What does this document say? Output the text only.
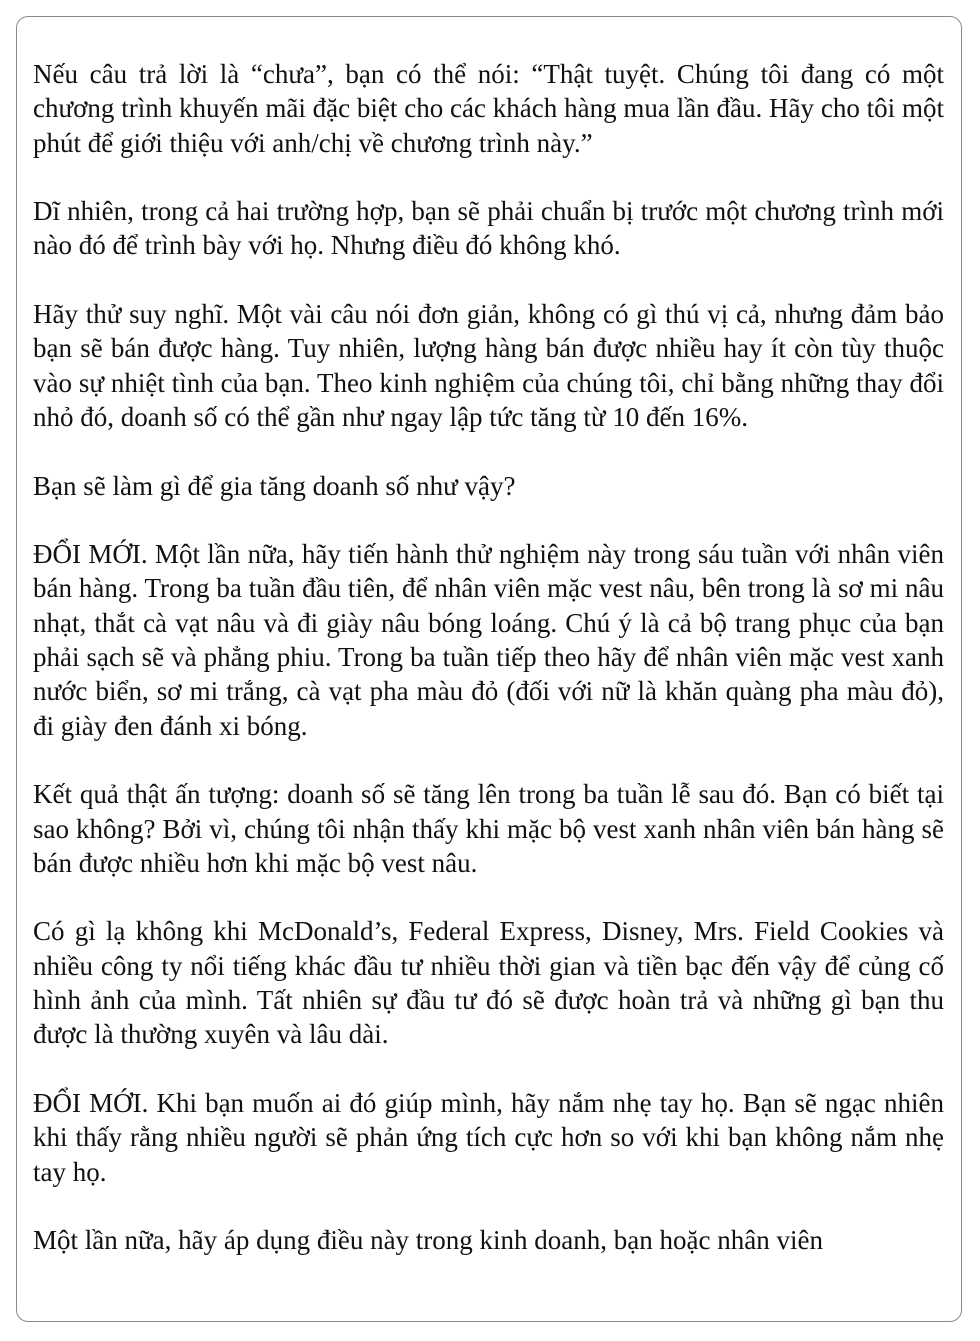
Nếu câu trả lời là “chưa”, bạn có thể nói: “Thật tuyệt. Chúng tôi đang có một chương trình khuyến mãi đặc biệt cho các khách hàng mua lần đầu. Hãy cho tôi một phút để giới thiệu với anh/chị về chương trình này.”

Dĩ nhiên, trong cả hai trường hợp, bạn sẽ phải chuẩn bị trước một chương trình mới nào đó để trình bày với họ. Nhưng điều đó không khó.

Hãy thử suy nghĩ. Một vài câu nói đơn giản, không có gì thú vị cả, nhưng đảm bảo bạn sẽ bán được hàng. Tuy nhiên, lượng hàng bán được nhiều hay ít còn tùy thuộc vào sự nhiệt tình của bạn. Theo kinh nghiệm của chúng tôi, chỉ bằng những thay đổi nhỏ đó, doanh số có thể gần như ngay lập tức tăng từ 10 đến 16%.

Bạn sẽ làm gì để gia tăng doanh số như vậy?

ĐỔI MỚI. Một lần nữa, hãy tiến hành thử nghiệm này trong sáu tuần với nhân viên bán hàng. Trong ba tuần đầu tiên, để nhân viên mặc vest nâu, bên trong là sơ mi nâu nhạt, thắt cà vạt nâu và đi giày nâu bóng loáng. Chú ý là cả bộ trang phục của bạn phải sạch sẽ và phẳng phiu. Trong ba tuần tiếp theo hãy để nhân viên mặc vest xanh nước biển, sơ mi trắng, cà vạt pha màu đỏ (đối với nữ là khăn quàng pha màu đỏ), đi giày đen đánh xi bóng.

Kết quả thật ấn tượng: doanh số sẽ tăng lên trong ba tuần lễ sau đó. Bạn có biết tại sao không? Bởi vì, chúng tôi nhận thấy khi mặc bộ vest xanh nhân viên bán hàng sẽ bán được nhiều hơn khi mặc bộ vest nâu.

Có gì lạ không khi McDonald’s, Federal Express, Disney, Mrs. Field Cookies và nhiều công ty nổi tiếng khác đầu tư nhiều thời gian và tiền bạc đến vậy để củng cố hình ảnh của mình. Tất nhiên sự đầu tư đó sẽ được hoàn trả và những gì bạn thu được là thường xuyên và lâu dài.

ĐỔI MỚI. Khi bạn muốn ai đó giúp mình, hãy nắm nhẹ tay họ. Bạn sẽ ngạc nhiên khi thấy rằng nhiều người sẽ phản ứng tích cực hơn so với khi bạn không nắm nhẹ tay họ.

Một lần nữa, hãy áp dụng điều này trong kinh doanh, bạn hoặc nhân viên
